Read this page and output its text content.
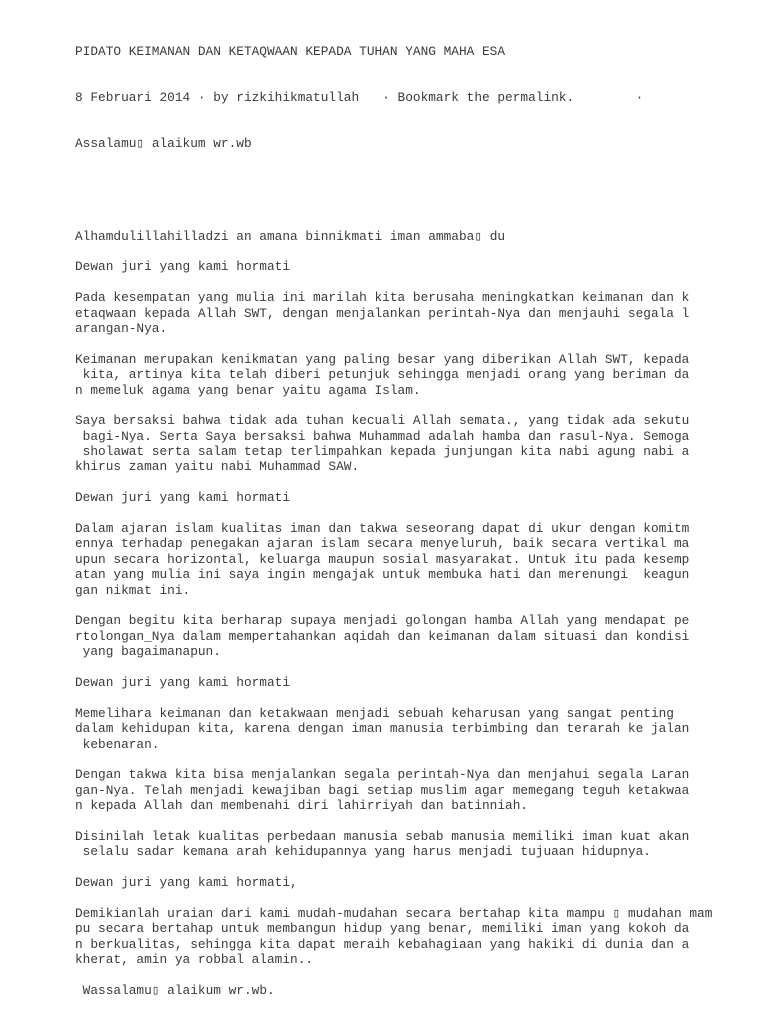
PIDATO KEIMANAN DAN KETAQWAAN KEPADA TUHAN YANG MAHA ESA

8 Februari 2014 · by rizkihikmatullah   · Bookmark the permalink.        ·

Assalamu▯ alaikum wr.wb

Alhamdulillahilladzi an amana binnikmati iman ammaba▯ du
Dewan juri yang kami hormati
Pada kesempatan yang mulia ini marilah kita berusaha meningkatkan keimanan dan k
etaqwaan kepada Allah SWT, dengan menjalankan perintah-Nya dan menjauhi segala l
arangan-Nya.
Keimanan merupakan kenikmatan yang paling besar yang diberikan Allah SWT, kepada
kita, artinya kita telah diberi petunjuk sehingga menjadi orang yang beriman da
n memeluk agama yang benar yaitu agama Islam.
Saya bersaksi bahwa tidak ada tuhan kecuali Allah semata., yang tidak ada sekutu
bagi-Nya. Serta Saya bersaksi bahwa Muhammad adalah hamba dan rasul-Nya. Semoga
sholawat serta salam tetap terlimpahkan kepada junjungan kita nabi agung nabi a
khirus zaman yaitu nabi Muhammad SAW.
Dewan juri yang kami hormati
Dalam ajaran islam kualitas iman dan takwa seseorang dapat di ukur dengan komitm
ennya terhadap penegakan ajaran islam secara menyeluruh, baik secara vertikal ma
upun secara horizontal, keluarga maupun sosial masyarakat. Untuk itu pada kesemp
atan yang mulia ini saya ingin mengajak untuk membuka hati dan merenungi  keagun
gan nikmat ini.
Dengan begitu kita berharap supaya menjadi golongan hamba Allah yang mendapat pe
rtolongan_Nya dalam mempertahankan aqidah dan keimanan dalam situasi dan kondisi
yang bagaimanapun.
Dewan juri yang kami hormati
Memelihara keimanan dan ketakwaan menjadi sebuah keharusan yang sangat penting
dalam kehidupan kita, karena dengan iman manusia terbimbing dan terarah ke jalan
kebenaran.
Dengan takwa kita bisa menjalankan segala perintah-Nya dan menjahui segala Laran
gan-Nya. Telah menjadi kewajiban bagi setiap muslim agar memegang teguh ketakwaa
n kepada Allah dan membenahi diri lahirriyah dan batinniah.
Disinilah letak kualitas perbedaan manusia sebab manusia memiliki iman kuat akan
selalu sadar kemana arah kehidupannya yang harus menjadi tujuaan hidupnya.
Dewan juri yang kami hormati,
Demikianlah uraian dari kami mudah-mudahan secara bertahap kita mampu ▯ mudahan mam
pu secara bertahap untuk membangun hidup yang benar, memiliki iman yang kokoh da
n berkualitas, sehingga kita dapat meraih kebahagiaan yang hakiki di dunia dan a
kherat, amin ya robbal alamin..
Wassalamu▯ alaikum wr.wb.
